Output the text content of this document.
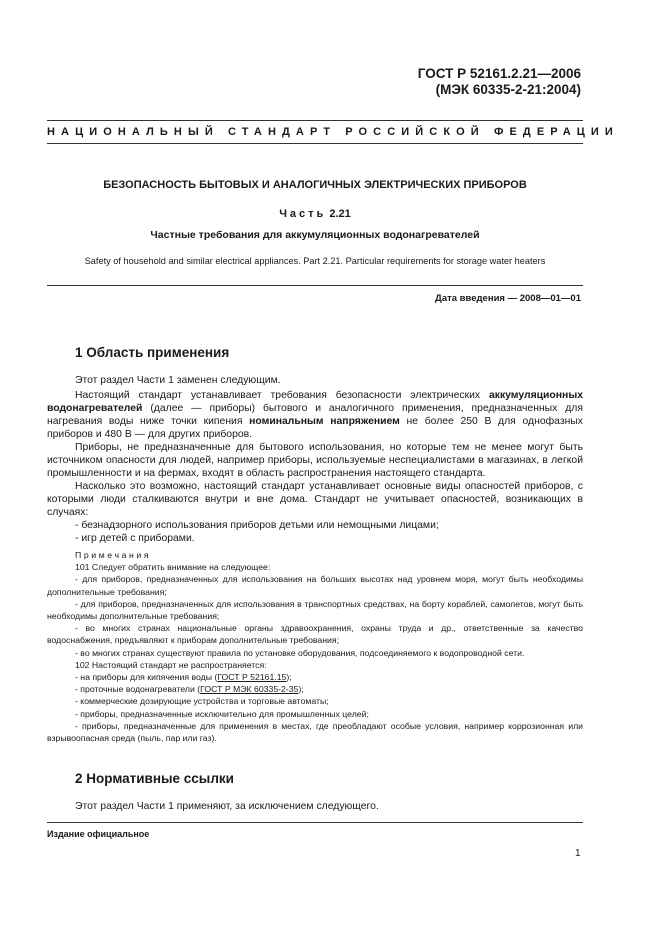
ГОСТ Р 52161.2.21—2006
(МЭК 60335-2-21:2004)
НАЦИОНАЛЬНЫЙ СТАНДАРТ РОССИЙСКОЙ ФЕДЕРАЦИИ
БЕЗОПАСНОСТЬ БЫТОВЫХ И АНАЛОГИЧНЫХ ЭЛЕКТРИЧЕСКИХ ПРИБОРОВ
Часть 2.21
Частные требования для аккумуляционных водонагревателей
Safety of household and similar electrical appliances. Part 2.21. Particular requirements for storage water heaters
Дата введения — 2008—01—01
1 Область применения

Этот раздел Части 1 заменен следующим.

Настоящий стандарт устанавливает требования безопасности электрических аккумуляционных водонагревателей (далее — приборы) бытового и аналогичного применения, предназначенных для нагревания воды ниже точки кипения номинальным напряжением не более 250 В для однофазных приборов и 480 В — для других приборов.

Приборы, не предназначенные для бытового использования, но которые тем не менее могут быть источником опасности для людей, например приборы, используемые неспециалистами в магазинах, в легкой промышленности и на фермах, входят в область распространения настоящего стандарта.

Насколько это возможно, настоящий стандарт устанавливает основные виды опасностей приборов, с которыми люди сталкиваются внутри и вне дома. Стандарт не учитывает опасностей, возникающих в случаях:

- безнадзорного использования приборов детьми или немощными лицами;

- игр детей с приборами.

Примечания

101 Следует обратить внимание на следующее:

- для приборов, предназначенных для использования на больших высотах над уровнем моря, могут быть необходимы дополнительные требования;

- для приборов, предназначенных для использования в транспортных средствах, на борту кораблей, самолетов, могут быть необходимы дополнительные требования;

- во многих странах национальные органы здравоохранения, охраны труда и др., ответственные за качество водоснабжения, предъявляют к приборам дополнительные требования;

- во многих странах существуют правила по установке оборудования, подсоединяемого к водопроводной сети.

102 Настоящий стандарт не распространяется:

- на приборы для кипячения воды (ГОСТ Р 52161.15);

- проточные водонагреватели (ГОСТ Р МЭК 60335-2-35);

- коммерческие дозирующие устройства и торговые автоматы;

- приборы, предназначенные исключительно для промышленных целей;

- приборы, предназначенные для применения в местах, где преобладают особые условия, например коррозионная или взрывоопасная среда (пыль, пар или газ).

2 Нормативные ссылки

Этот раздел Части 1 применяют, за исключением следующего.

Издание официальное
1
